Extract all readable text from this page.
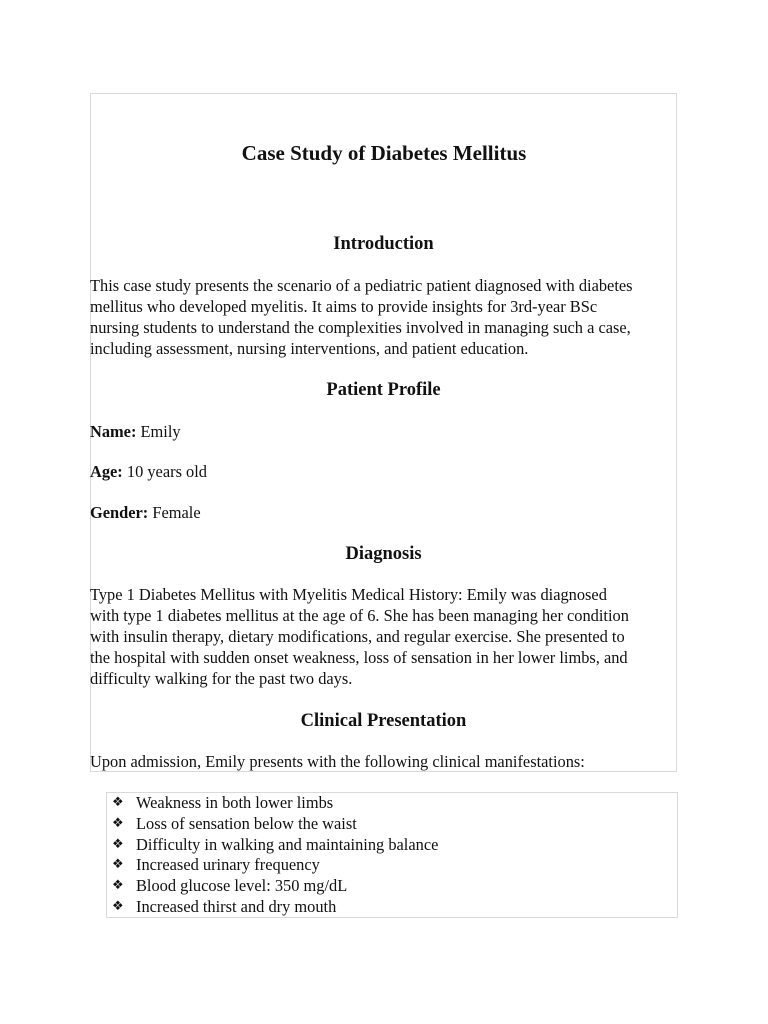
Case Study of Diabetes Mellitus
Introduction

This case study presents the scenario of a pediatric patient diagnosed with diabetes
mellitus who developed myelitis. It aims to provide insights for 3rd-year BSc
nursing students to understand the complexities involved in managing such a case,
including assessment, nursing interventions, and patient education.

Patient Profile

Name: Emily

Age: 10 years old

Gender: Female

Diagnosis

Type 1 Diabetes Mellitus with Myelitis Medical History: Emily was diagnosed
with type 1 diabetes mellitus at the age of 6. She has been managing her condition
with insulin therapy, dietary modifications, and regular exercise. She presented to
the hospital with sudden onset weakness, loss of sensation in her lower limbs, and
difficulty walking for the past two days.

Clinical Presentation

Upon admission, Emily presents with the following clinical manifestations:

❖ Weakness in both lower limbs
❖ Loss of sensation below the waist
❖ Difficulty in walking and maintaining balance
❖ Increased urinary frequency
❖ Blood glucose level: 350 mg/dL
❖ Increased thirst and dry mouth
